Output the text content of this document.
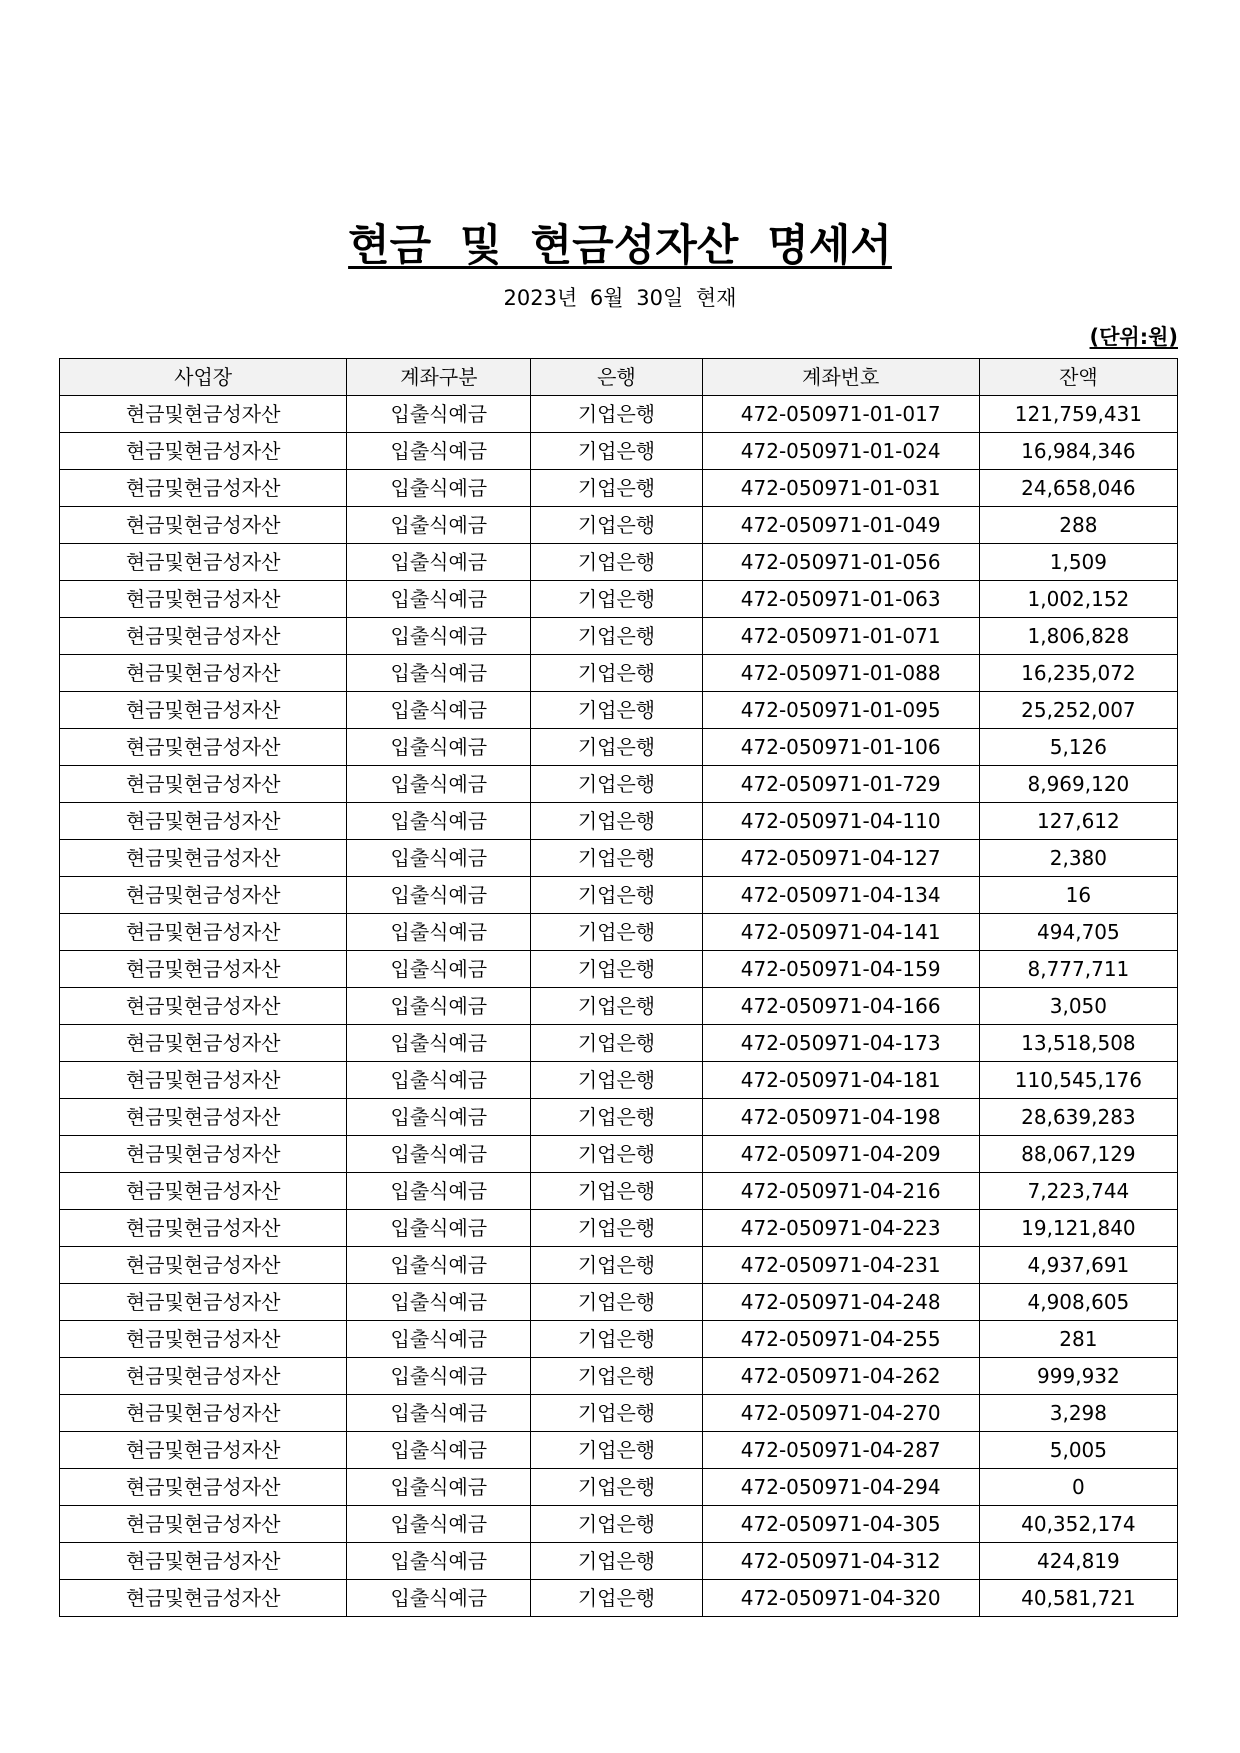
현금 및 현금성자산 명세서
2023년 6월 30일 현재
(단위:원)
사업장	계좌구분	은행	계좌번호	잔액
현금및현금성자산	입출식예금	기업은행	472-050971-01-017	121,759,431
현금및현금성자산	입출식예금	기업은행	472-050971-01-024	16,984,346
현금및현금성자산	입출식예금	기업은행	472-050971-01-031	24,658,046
현금및현금성자산	입출식예금	기업은행	472-050971-01-049	288
현금및현금성자산	입출식예금	기업은행	472-050971-01-056	1,509
현금및현금성자산	입출식예금	기업은행	472-050971-01-063	1,002,152
현금및현금성자산	입출식예금	기업은행	472-050971-01-071	1,806,828
현금및현금성자산	입출식예금	기업은행	472-050971-01-088	16,235,072
현금및현금성자산	입출식예금	기업은행	472-050971-01-095	25,252,007
현금및현금성자산	입출식예금	기업은행	472-050971-01-106	5,126
현금및현금성자산	입출식예금	기업은행	472-050971-01-729	8,969,120
현금및현금성자산	입출식예금	기업은행	472-050971-04-110	127,612
현금및현금성자산	입출식예금	기업은행	472-050971-04-127	2,380
현금및현금성자산	입출식예금	기업은행	472-050971-04-134	16
현금및현금성자산	입출식예금	기업은행	472-050971-04-141	494,705
현금및현금성자산	입출식예금	기업은행	472-050971-04-159	8,777,711
현금및현금성자산	입출식예금	기업은행	472-050971-04-166	3,050
현금및현금성자산	입출식예금	기업은행	472-050971-04-173	13,518,508
현금및현금성자산	입출식예금	기업은행	472-050971-04-181	110,545,176
현금및현금성자산	입출식예금	기업은행	472-050971-04-198	28,639,283
현금및현금성자산	입출식예금	기업은행	472-050971-04-209	88,067,129
현금및현금성자산	입출식예금	기업은행	472-050971-04-216	7,223,744
현금및현금성자산	입출식예금	기업은행	472-050971-04-223	19,121,840
현금및현금성자산	입출식예금	기업은행	472-050971-04-231	4,937,691
현금및현금성자산	입출식예금	기업은행	472-050971-04-248	4,908,605
현금및현금성자산	입출식예금	기업은행	472-050971-04-255	281
현금및현금성자산	입출식예금	기업은행	472-050971-04-262	999,932
현금및현금성자산	입출식예금	기업은행	472-050971-04-270	3,298
현금및현금성자산	입출식예금	기업은행	472-050971-04-287	5,005
현금및현금성자산	입출식예금	기업은행	472-050971-04-294	0
현금및현금성자산	입출식예금	기업은행	472-050971-04-305	40,352,174
현금및현금성자산	입출식예금	기업은행	472-050971-04-312	424,819
현금및현금성자산	입출식예금	기업은행	472-050971-04-320	40,581,721
